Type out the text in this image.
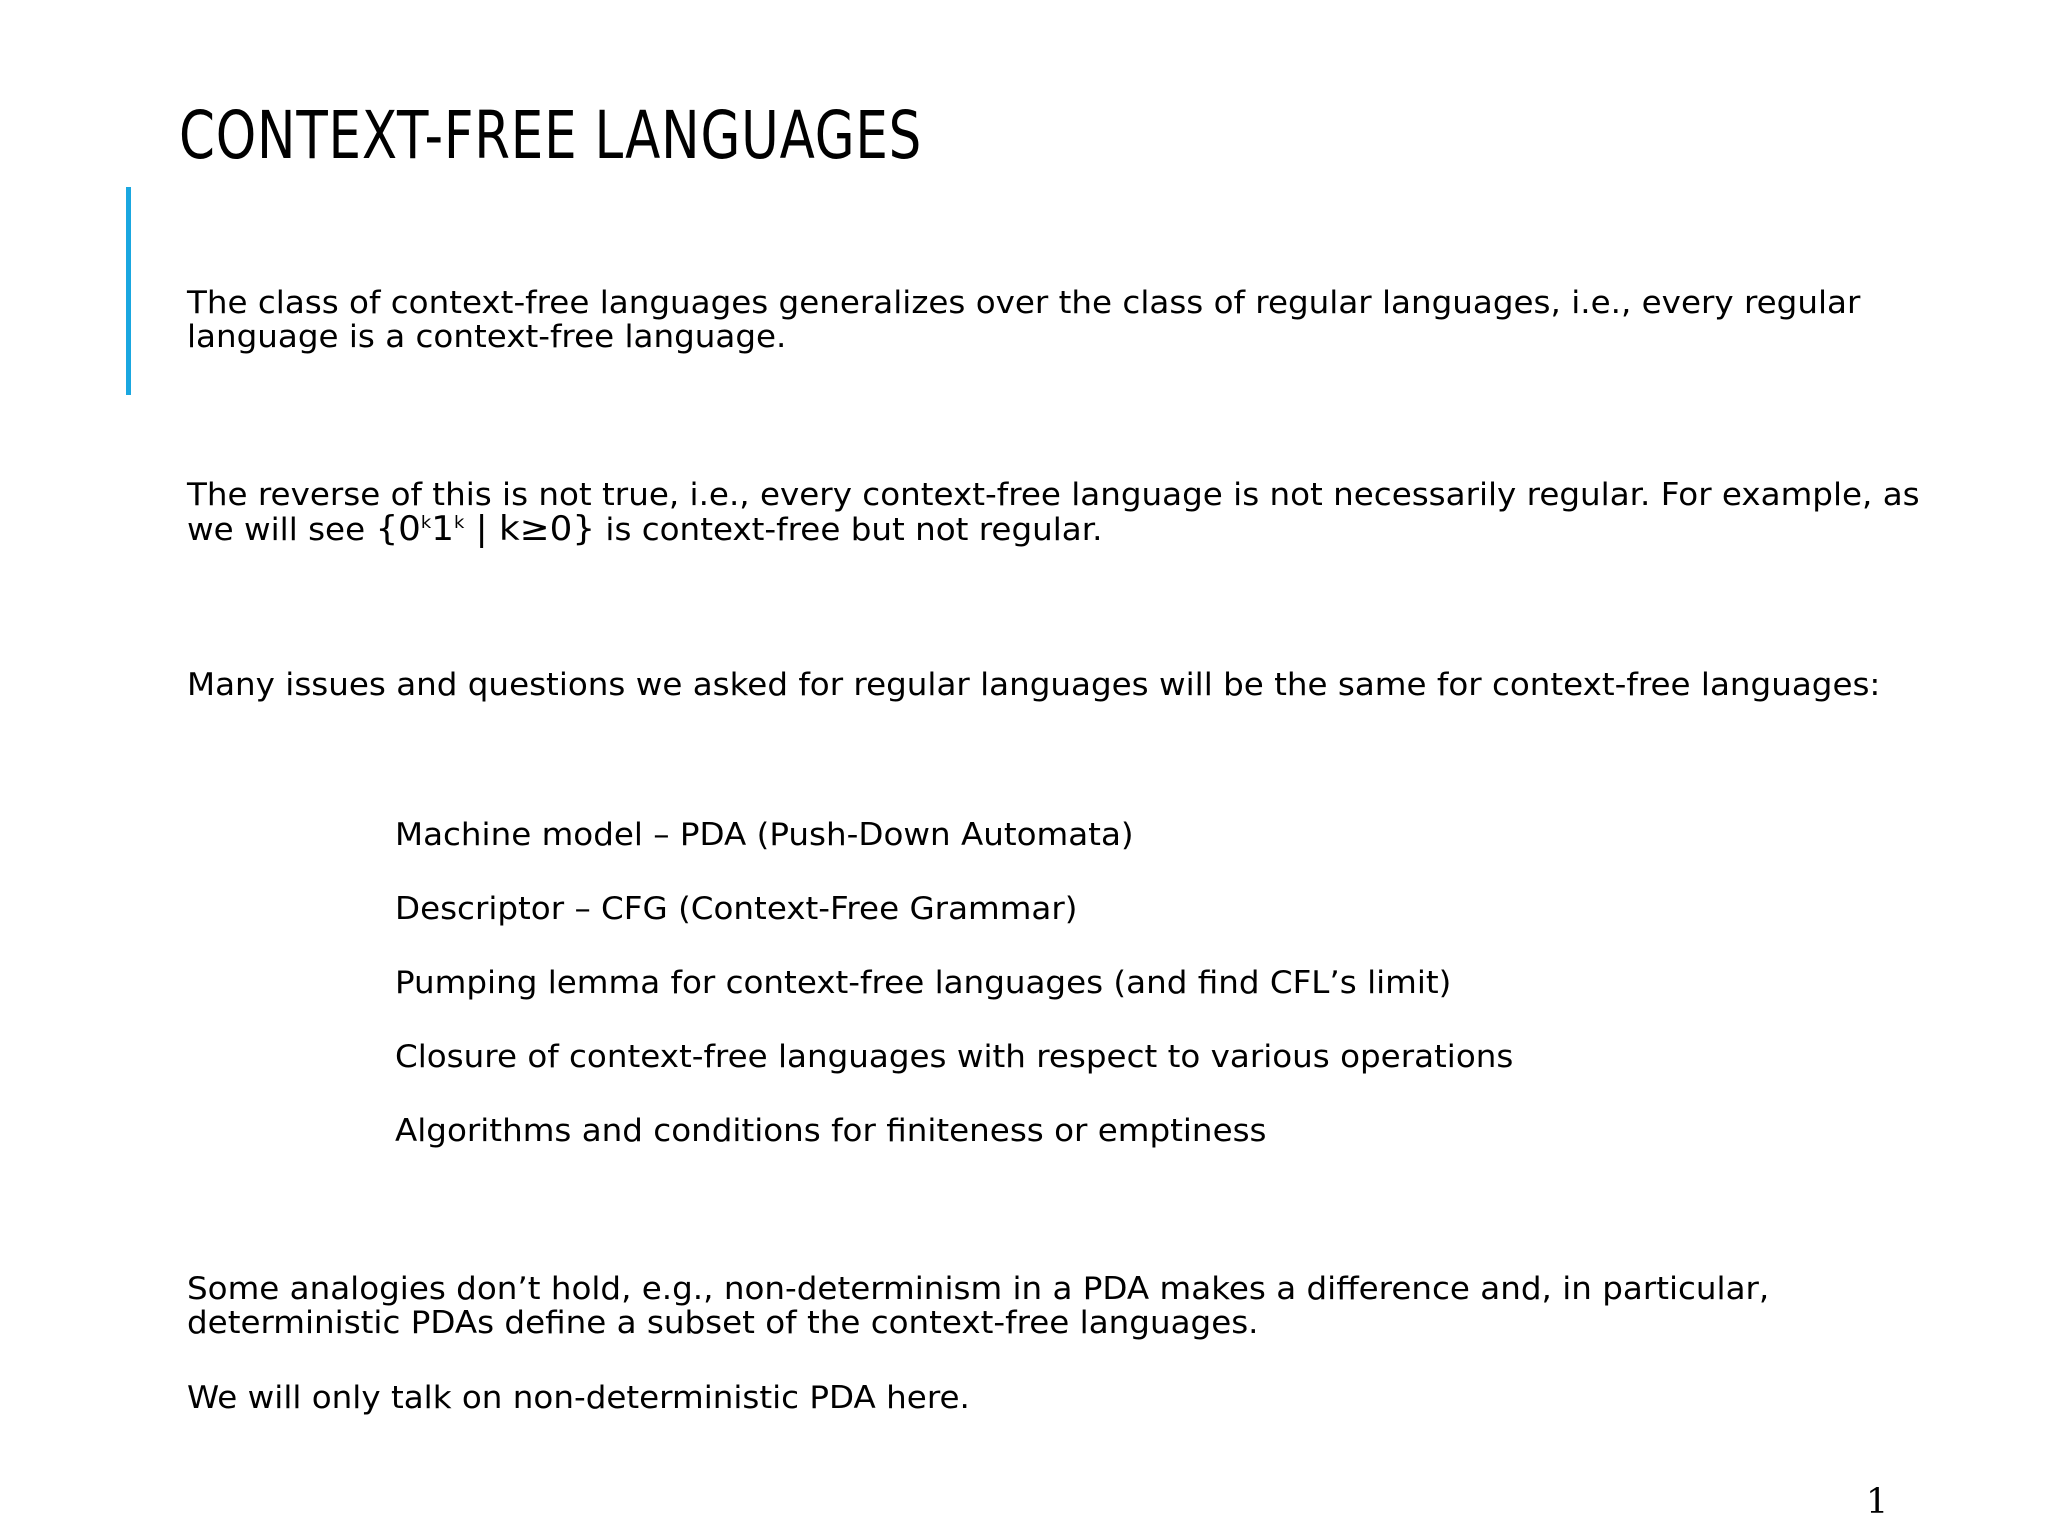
CONTEXT-FREE LANGUAGES

The class of context-free languages generalizes over the class of regular languages, i.e., every regular
language is a context-free language.

The reverse of this is not true, i.e., every context-free language is not necessarily regular. For example, as
we will see {0$^k$1$^k$ | k≥0} is context-free but not regular.

Many issues and questions we asked for regular languages will be the same for context-free languages:

Machine model – PDA (Push-Down Automata)
Descriptor – CFG (Context-Free Grammar)
Pumping lemma for context-free languages (and find CFL’s limit)
Closure of context-free languages with respect to various operations
Algorithms and conditions for finiteness or emptiness

Some analogies don’t hold, e.g., non-determinism in a PDA makes a difference and, in particular,
deterministic PDAs define a subset of the context-free languages.

We will only talk on non-deterministic PDA here.

1
